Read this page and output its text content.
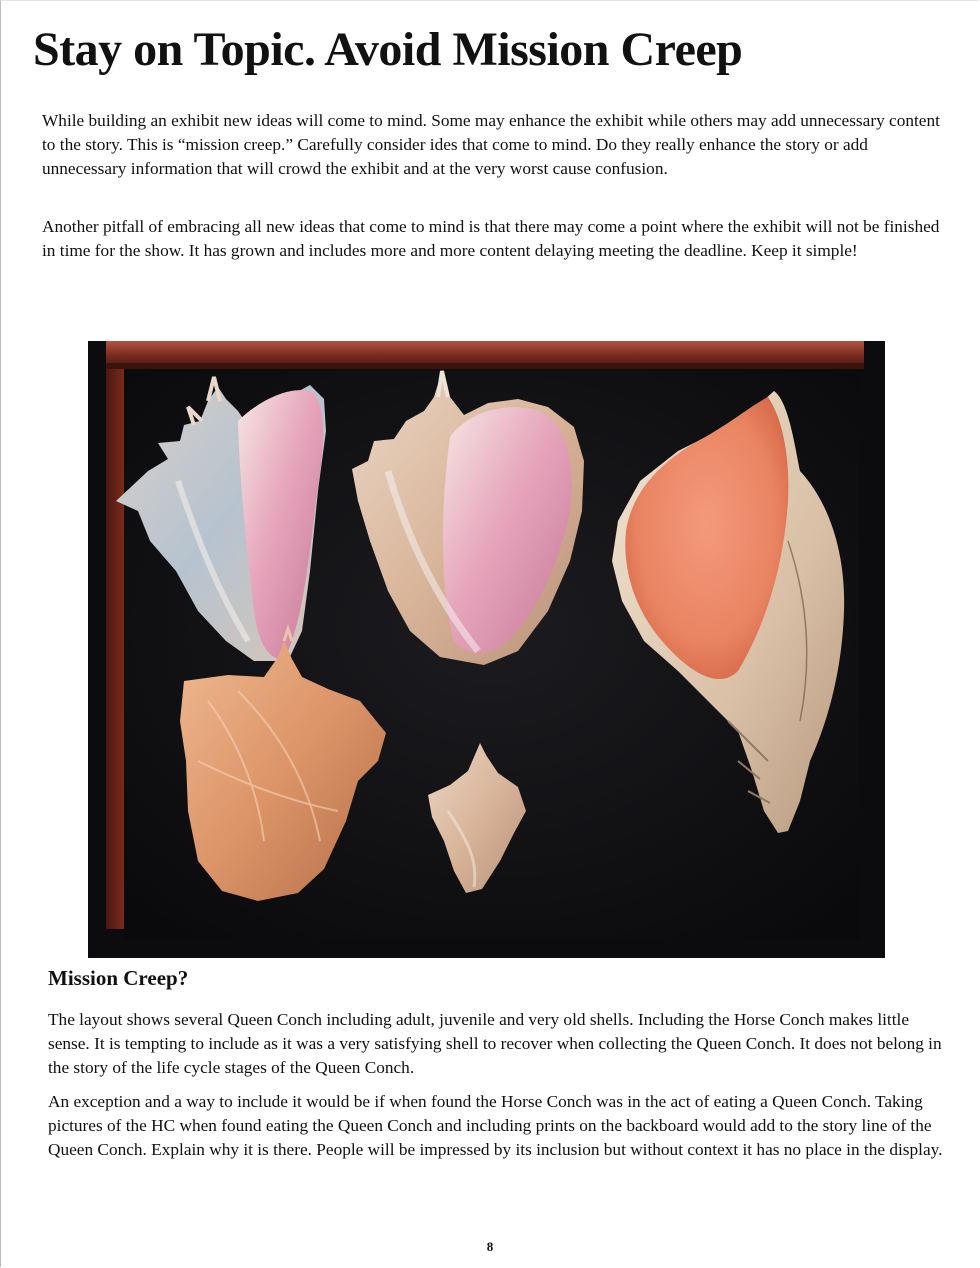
Stay on Topic. Avoid Mission Creep

While building an exhibit new ideas will come to mind. Some may enhance the exhibit while others may add unnecessary content to the story. This is “mission creep.” Carefully consider ides that come to mind. Do they really enhance the story or add unnecessary information that will crowd the exhibit and at the very worst cause confusion.

Another pitfall of embracing all new ideas that come to mind is that there may come a point where the exhibit will not be finished in time for the show. It has grown and includes more and more content delaying meeting the deadline. Keep it simple!

Mission Creep?

The layout shows several Queen Conch including adult, juvenile and very old shells. Including the Horse Conch makes little sense. It is tempting to include as it was a very satisfying shell to recover when collecting the Queen Conch. It does not belong in the story of the life cycle stages of the Queen Conch.

An exception and a way to include it would be if when found the Horse Conch was in the act of eating a Queen Conch. Taking pictures of the HC when found eating the Queen Conch and including prints on the backboard would add to the story line of the Queen Conch. Explain why it is there. People will be impressed by its inclusion but without context it has no place in the display.

8
